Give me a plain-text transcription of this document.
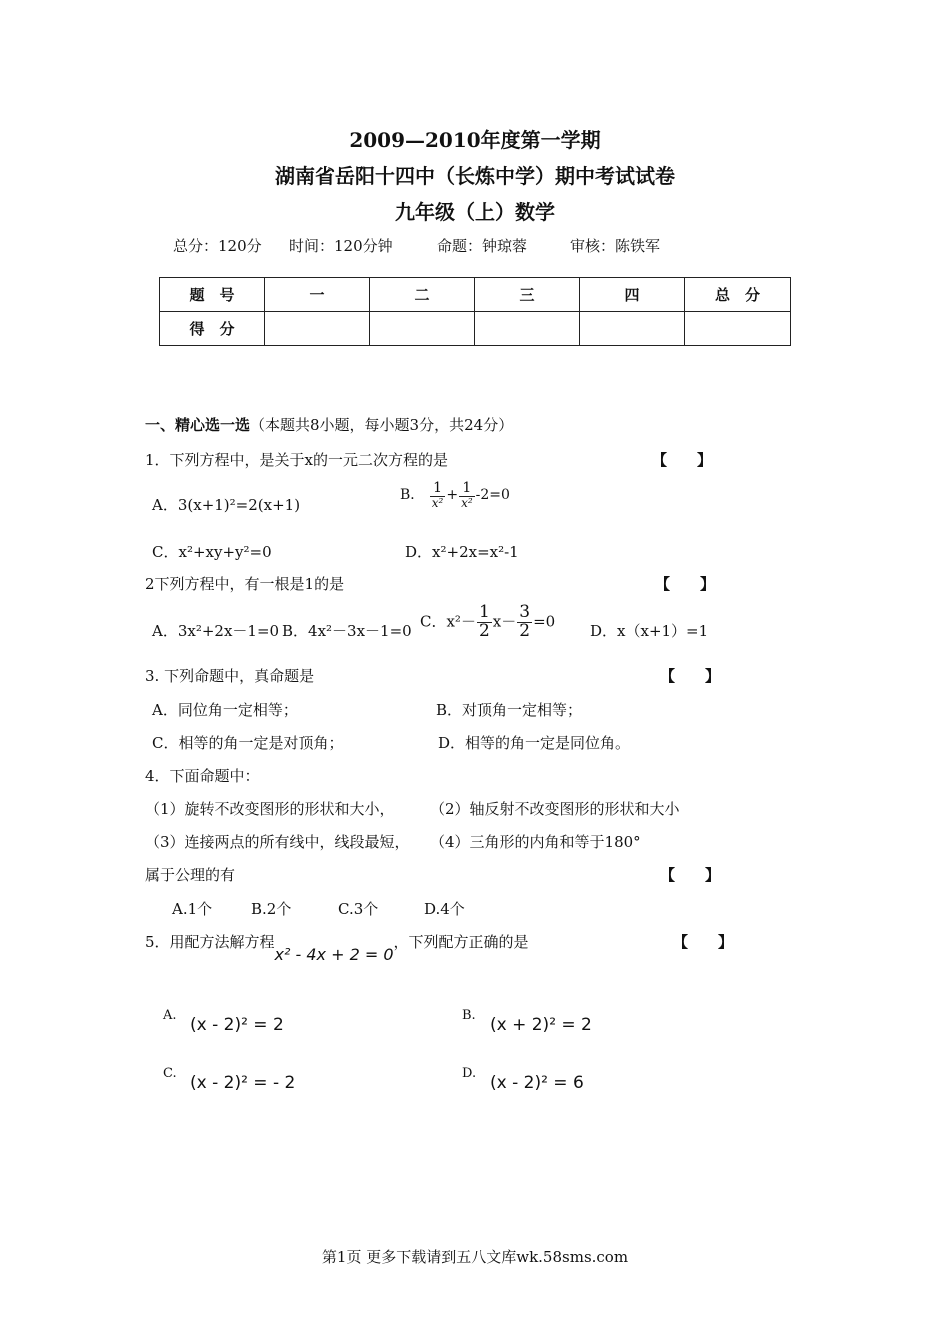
2009—2010年度第一学期
湖南省岳阳十四中（长炼中学）期中考试试卷
九年级（上）数学
总分：120分 时间：120分钟	命题：钟琼蓉	审核：陈铁军
题　号	一	二	三	四	总　分
得　分					
一、精心选一选（本题共8小题，每小题3分，共24分）
1．下列方程中，是关于x的一元二次方程的是	【　　】
A．3(x+1)²=2(x+1)
B． $\frac{1}{\text{x²}} + \frac{1}{\text{x²}} -2=0$
C．x²+xy+y²=0	D．x²+2x=x²-1
2下列方程中，有一根是1的是	【　　】
A．3x²+2x－1=0 B．4x²－3x－1=0
C．$x^2- \frac{1}{2} x- \frac{3}{2} =0$
D．x（x+1）=1
3. 下列命题中，真命题是	【　　】
A．同位角一定相等；	B．对顶角一定相等；
C．相等的角一定是对顶角；	D．相等的角一定是同位角。
4．下面命题中：
（1）旋转不改变图形的形状和大小， （2）轴反射不改变图形的形状和大小
（3）连接两点的所有线中，线段最短， （4）三角形的内角和等于180°
属于公理的有	【　　】
A.1个	B.2个	C.3个	D.4个
5．用配方法解方程x² - 4x + 2 = 0，下列配方正确的是	【　　】
A. (x - 2)² = 2	B. (x + 2)² = 2
C. (x - 2)² = - 2	D. (x - 2)² = 6
第1页 更多下载请到五八文库wk.58sms.com
